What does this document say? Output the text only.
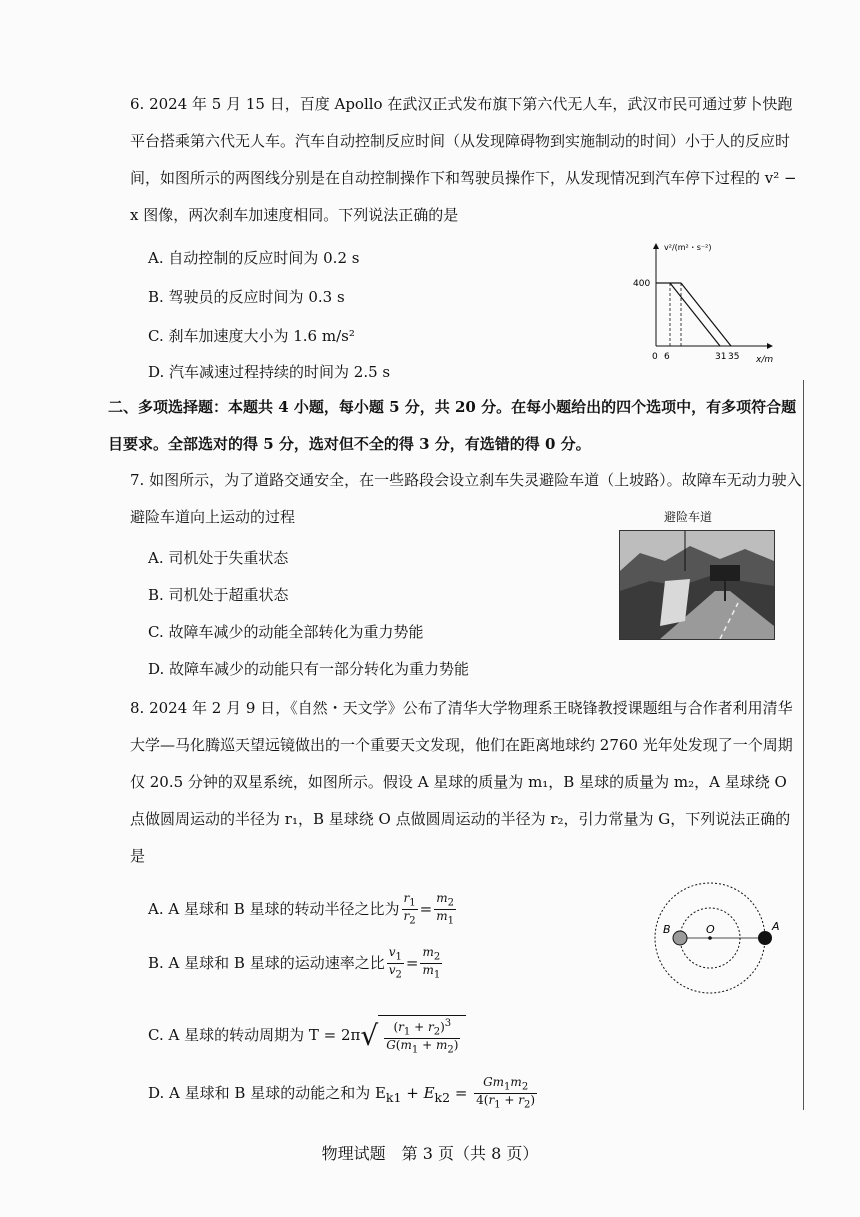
6. 2024 年 5 月 15 日，百度 Apollo 在武汉正式发布旗下第六代无人车，武汉市民可通过萝卜快跑平台搭乘第六代无人车。汽车自动控制反应时间（从发现障碍物到实施制动的时间）小于人的反应时间，如图所示的两图线分别是在自动控制操作下和驾驶员操作下，从发现情况到汽车停下过程的 v² − x 图像，两次刹车加速度相同。下列说法正确的是

A. 自动控制的反应时间为 0.2 s
B. 驾驶员的反应时间为 0.3 s
C. 刹车加速度大小为 1.6 m/s²
D. 汽车减速过程持续的时间为 2.5 s
v²/(m²・s⁻²)
400
x/m
0 6	31 35
二、多项选择题：本题共 4 小题，每小题 5 分，共 20 分。在每小题给出的四个选项中，有多项符合题目要求。全部选对的得 5 分，选对但不全的得 3 分，有选错的得 0 分。

7. 如图所示，为了道路交通安全，在一些路段会设立刹车失灵避险车道（上坡路）。故障车无动力驶入避险车道向上运动的过程

A. 司机处于失重状态
B. 司机处于超重状态
C. 故障车减少的动能全部转化为重力势能
D. 故障车减少的动能只有一部分转化为重力势能
避险车道

8. 2024 年 2 月 9 日，《自然・天文学》公布了清华大学物理系王晓锋教授课题组与合作者利用清华大学—马化腾巡天望远镜做出的一个重要天文发现，他们在距离地球约 2760 光年处发现了一个周期仅 20.5 分钟的双星系统，如图所示。假设 A 星球的质量为 m₁，B 星球的质量为 m₂，A 星球绕 O 点做圆周运动的半径为 r₁，B 星球绕 O 点做圆周运动的半径为 r₂，引力常量为 G，下列说法正确的是

A. A 星球和 B 星球的转动半径之比为 $\frac{r_1}{r_2} = \frac{m_2}{m_1}$
B. A 星球和 B 星球的运动速率之比 $\frac{v_1}{v_2} = \frac{m_2}{m_1}$
C. A 星球的转动周期为 $T = 2\pi√ \frac{(r_1 + r_2)^3}{G(m_1 + m_2)}$
D. A 星球和 B 星球的动能之和为 $E_{k1} + E_{k2} = \frac{Gm_1m_2}{4(r_1 + r_2)}$
B	O	A
物理试题　第 3 页（共 8 页）
